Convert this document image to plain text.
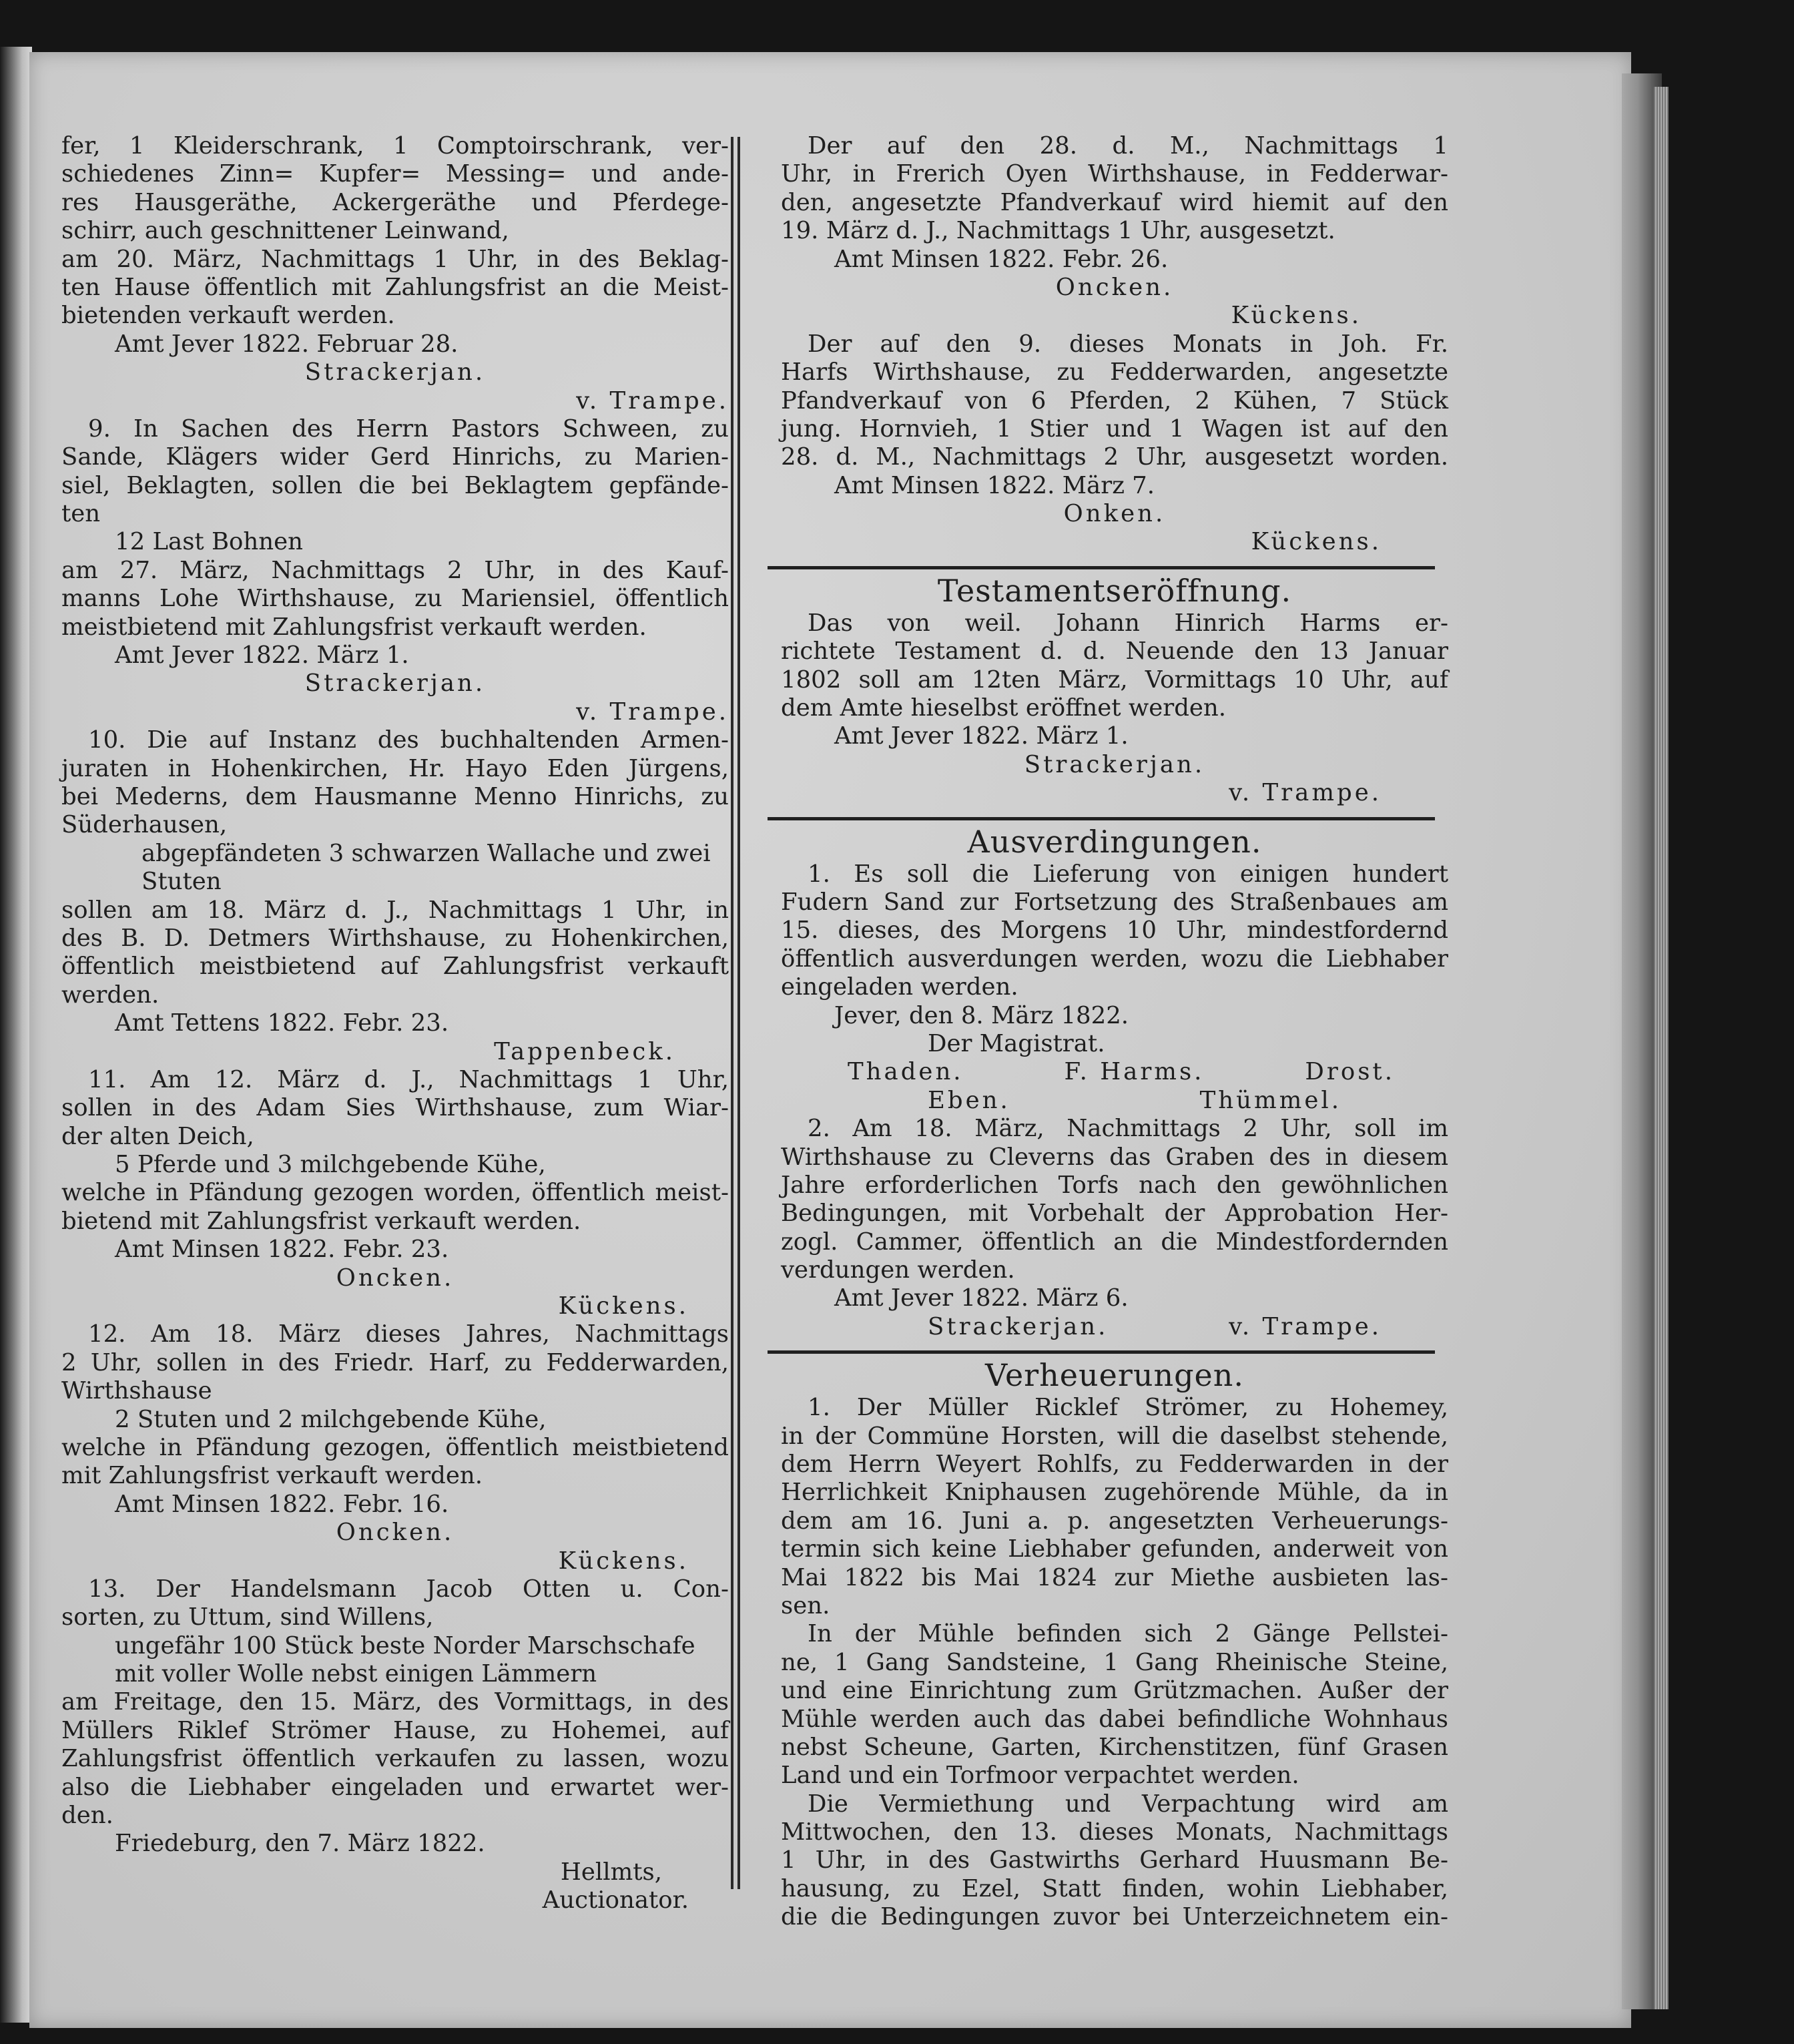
fer, 1 Kleiderschrank, 1 Comptoirschrank, ver-
schiedenes Zinn= Kupfer= Messing= und ande-
res Hausgeräthe, Ackergeräthe und Pferdege-
schirr, auch geschnittener Leinwand,
am 20. März, Nachmittags 1 Uhr, in des Beklag-
ten Hause öffentlich mit Zahlungsfrist an die Meist-
bietenden verkauft werden.
Amt Jever 1822. Februar 28.
Strackerjan.
v. Trampe.
9. In Sachen des Herrn Pastors Schween, zu
Sande, Klägers wider Gerd Hinrichs, zu Marien-
siel, Beklagten, sollen die bei Beklagtem gepfände-
ten
12 Last Bohnen
am 27. März, Nachmittags 2 Uhr, in des Kauf-
manns Lohe Wirthshause, zu Mariensiel, öffentlich
meistbietend mit Zahlungsfrist verkauft werden.
Amt Jever 1822. März 1.
Strackerjan.
v. Trampe.
10. Die auf Instanz des buchhaltenden Armen-
juraten in Hohenkirchen, Hr. Hayo Eden Jürgens,
bei Mederns, dem Hausmanne Menno Hinrichs, zu
Süderhausen,
abgepfändeten 3 schwarzen Wallache und zwei
Stuten
sollen am 18. März d. J., Nachmittags 1 Uhr, in
des B. D. Detmers Wirthshause, zu Hohenkirchen,
öffentlich meistbietend auf Zahlungsfrist verkauft
werden.
Amt Tettens 1822. Febr. 23.
Tappenbeck.
11. Am 12. März d. J., Nachmittags 1 Uhr,
sollen in des Adam Sies Wirthshause, zum Wiar-
der alten Deich,
5 Pferde und 3 milchgebende Kühe,
welche in Pfändung gezogen worden, öffentlich meist-
bietend mit Zahlungsfrist verkauft werden.
Amt Minsen 1822. Febr. 23.
Oncken.
Kückens.
12. Am 18. März dieses Jahres, Nachmittags
2 Uhr, sollen in des Friedr. Harf, zu Fedderwarden,
Wirthshause
2 Stuten und 2 milchgebende Kühe,
welche in Pfändung gezogen, öffentlich meistbietend
mit Zahlungsfrist verkauft werden.
Amt Minsen 1822. Febr. 16.
Oncken.
Kückens.
13. Der Handelsmann Jacob Otten u. Con-
sorten, zu Uttum, sind Willens,
ungefähr 100 Stück beste Norder Marschschafe
mit voller Wolle nebst einigen Lämmern
am Freitage, den 15. März, des Vormittags, in des
Müllers Riklef Strömer Hause, zu Hohemei, auf
Zahlungsfrist öffentlich verkaufen zu lassen, wozu
also die Liebhaber eingeladen und erwartet wer-
den.
Friedeburg, den 7. März 1822.
Hellmts,
Auctionator.
Der auf den 28. d. M., Nachmittags 1
Uhr, in Frerich Oyen Wirthshause, in Fedderwar-
den, angesetzte Pfandverkauf wird hiemit auf den
19. März d. J., Nachmittags 1 Uhr, ausgesetzt.
Amt Minsen 1822. Febr. 26.
Oncken.
Kückens.
Der auf den 9. dieses Monats in Joh. Fr.
Harfs Wirthshause, zu Fedderwarden, angesetzte
Pfandverkauf von 6 Pferden, 2 Kühen, 7 Stück
jung. Hornvieh, 1 Stier und 1 Wagen ist auf den
28. d. M., Nachmittags 2 Uhr, ausgesetzt worden.
Amt Minsen 1822. März 7.
Onken.
Kückens.
Testamentseröffnung.
Das von weil. Johann Hinrich Harms er-
richtete Testament d. d. Neuende den 13 Januar
1802 soll am 12ten März, Vormittags 10 Uhr, auf
dem Amte hieselbst eröffnet werden.
Amt Jever 1822. März 1.
Strackerjan.
v. Trampe.
Ausverdingungen.
1. Es soll die Lieferung von einigen hundert
Fudern Sand zur Fortsetzung des Straßenbaues am
15. dieses, des Morgens 10 Uhr, mindestfordernd
öffentlich ausverdungen werden, wozu die Liebhaber
eingeladen werden.
Jever, den 8. März 1822.
Der Magistrat.
Thaden.	F. Harms.	Drost.
Eben.	Thümmel.
2. Am 18. März, Nachmittags 2 Uhr, soll im
Wirthshause zu Cleverns das Graben des in diesem
Jahre erforderlichen Torfs nach den gewöhnlichen
Bedingungen, mit Vorbehalt der Approbation Her-
zogl. Cammer, öffentlich an die Mindestfordernden
verdungen werden.
Amt Jever 1822. März 6.
Strackerjan.	v. Trampe.
Verheuerungen.
1. Der Müller Ricklef Strömer, zu Hohemey,
in der Commüne Horsten, will die daselbst stehende,
dem Herrn Weyert Rohlfs, zu Fedderwarden in der
Herrlichkeit Kniphausen zugehörende Mühle, da in
dem am 16. Juni a. p. angesetzten Verheuerungs-
termin sich keine Liebhaber gefunden, anderweit von
Mai 1822 bis Mai 1824 zur Miethe ausbieten las-
sen.
In der Mühle befinden sich 2 Gänge Pellstei-
ne, 1 Gang Sandsteine, 1 Gang Rheinische Steine,
und eine Einrichtung zum Grützmachen. Außer der
Mühle werden auch das dabei befindliche Wohnhaus
nebst Scheune, Garten, Kirchenstitzen, fünf Grasen
Land und ein Torfmoor verpachtet werden.
Die Vermiethung und Verpachtung wird am
Mittwochen, den 13. dieses Monats, Nachmittags
1 Uhr, in des Gastwirths Gerhard Huusmann Be-
hausung, zu Ezel, Statt finden, wohin Liebhaber,
die die Bedingungen zuvor bei Unterzeichnetem ein-
